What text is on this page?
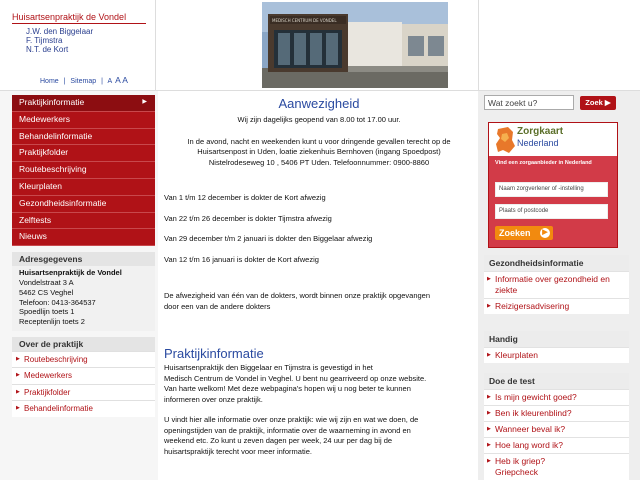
Huisartsenpraktijk de Vondel
J.W. den Biggelaar
F. Tijmstra
N.T. de Kort
Home | Sitemap | A A A
MEDISCH CENTRUM DE VONDEL
Praktijkinformatie	▶
Medewerkers
Behandelinformatie
Praktijkfolder
Routebeschrijving
Kleurplaten
Gezondheidsinformatie
Zelftests
Nieuws
Adresgegevens
Huisartsenpraktijk de Vondel
Vondelstraat 3 A
5462 CS Veghel
Telefoon: 0413-364537
Spoedlijn toets 1
Receptenlijn toets 2
Over de praktijk
▶ Routebeschrijving
▶ Medewerkers
▶ Praktijkfolder
▶ Behandelinformatie
Aanwezigheid
Wij zijn dagelijks geopend van 8.00 tot 17.00 uur.
In de avond, nacht en weekenden kunt u voor dringende gevallen terecht op de
Huisartsenpost in Uden, loatie ziekenhuis Bernhoven (ingang Spoedpost)
Nistelrodeseweg 10 , 5406 PT Uden. Telefoonnummer: 0900-8860

Van 1 t/m 12 december is dokter de Kort afwezig

Van 22 t/m 26 december is dokter Tijmstra afwezig

Van 29 december t/m 2 januari is dokter den Biggelaar afwezig

Van 12 t/m 16 januari is dokter de Kort afwezig

De afwezigheid van één van de dokters, wordt binnen onze praktijk opgevangen

door een van de andere dokters

Praktijkinformatie

Huisartsenpraktijk den Biggelaar en Tijmstra is gevestigd in het

Medisch Centrum de Vondel in Veghel. U bent nu gearriveerd op onze website.

Van harte welkom! Met deze webpagina's hopen wij u nog beter te kunnen

informeren over onze praktijk.

U vindt hier alle informatie over onze praktijk: wie wij zijn en wat we doen, de

openingstijden van de praktijk, informatie over de waarneming in avond en

weekend etc. Zo kunt u zeven dagen per week, 24 uur per dag bij de

huisartspraktijk terecht voor meer informatie.

Wat zoekt u?	Zoek ▶
Zorgkaart
Nederland
Vind een zorgaanbieder in Nederland
Naam zorgverlener of -instelling
Plaats of postcode
Zoeken	▶
Gezondheidsinformatie
▶ Informatie over gezondheid en ziekte
▶ Reizigersadvisering
Handig
▶ Kleurplaten
Doe de test
▶ Is mijn gewicht goed?
▶ Ben ik kleurenblind?
▶ Wanneer beval ik?
▶ Hoe lang word ik?
▶ Heb ik griep?
Griepcheck
